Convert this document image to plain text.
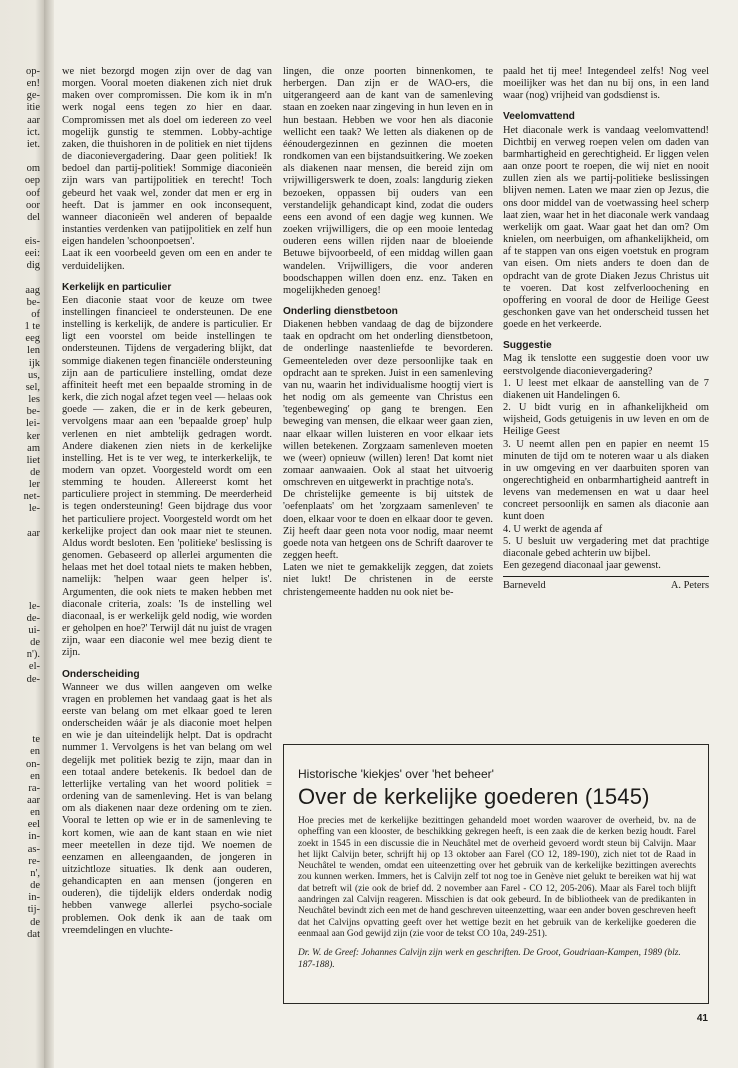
op-
en!
ge-
itie
aar
ict.
iet.
om
oep
oof
oor
del
eis-
eei:
dig
aag
be-
of
1 te
eeg
len
ijk
us,
sel,
les
be-
lei-
ker
am
liet
de
ler
net-
le-
aar
le-
de-
ui-
de
n').
el-
de-
te
en
on-
en
ra-
aar
en
eel
in-
as-
re-
n',
de
in-
tij-
de
dat

we niet bezorgd mogen zijn over de dag van morgen. Vooral moeten diakenen zich niet druk maken over compromissen. Die kom ik in m'n werk nogal eens tegen zo hier en daar. Compromissen met als doel om iedereen zo veel mogelijk gunstig te stemmen. Lobby-achtige zaken, die thuishoren in de politiek en niet tijdens de diaconievergadering. Daar geen politiek! Ik bedoel dan partij-politiek! Sommige diaconieën zijn wars van partijpolitiek en terecht! Toch gebeurd het vaak wel, zonder dat men er erg in heeft. Dat is jammer en ook inconsequent, wanneer diaconieën wel anderen of bepaalde instanties verdenken van patijpolitiek en zelf hun eigen handelen 'schoonpoetsen'.

Laat ik een voorbeeld geven om een en ander te verduidelijken.

Kerkelijk en particulier

Een diaconie staat voor de keuze om twee instellingen financieel te ondersteunen. De ene instelling is kerkelijk, de andere is particulier. Er ligt een voorstel om beide instellingen te ondersteunen. Tijdens de vergadering blijkt, dat sommige diakenen tegen financiële ondersteuning zijn aan de particuliere instelling, omdat deze affiniteit heeft met een bepaalde stroming in de kerk, die zich nogal afzet tegen veel — helaas ook goede — zaken, die er in de kerk gebeuren, vervolgens maar aan een 'bepaalde groep' hulp verlenen en niet ambtelijk gedragen wordt. Andere diakenen zien niets in de kerkelijke instelling. Het is te ver weg, te interkerkelijk, te modern van opzet. Voorgesteld wordt om een stemming te houden. Allereerst komt het particuliere project in stemming. De meerderheid is tegen ondersteuning! Geen bijdrage dus voor het particuliere project. Voorgesteld wordt om het kerkelijke project dan ook maar niet te steunen. Aldus wordt besloten. Een 'politieke' beslissing is genomen. Gebaseerd op allerlei argumenten die helaas met het doel totaal niets te maken hebben, namelijk: 'helpen waar geen helper is'. Argumenten, die ook niets te maken hebben met diaconale criteria, zoals: 'Is de instelling wel diaconaal, is er werkelijk geld nodig, wie worden er geholpen en hoe?' Terwijl dát nu juist de vragen zijn, waar een diaconie wel mee bezig dient te zijn.

Onderscheiding

Wanneer we dus willen aangeven om welke vragen en problemen het vandaag gaat is het als eerste van belang om met elkaar goed te leren onderscheiden wáár je als diaconie moet helpen en wie je dan uiteindelijk helpt. Dat is opdracht nummer 1. Vervolgens is het van belang om wel degelijk met politiek bezig te zijn, maar dan in een totaal andere betekenis. Ik bedoel dan de letterlijke vertaling van het woord politiek = ordening van de samenleving. Het is van belang om als diakenen naar deze ordening om te zien. Vooral te letten op wie er in de samenleving te kort komen, wie aan de kant staan en wie niet meer meetellen in deze tijd. We noemen de eenzamen en alleengaanden, de jongeren in uitzichtloze situaties. Ik denk aan ouderen, gehandicapten en aan mensen (jongeren en ouderen), die tijdelijk elders onderdak nodig hebben vanwege allerlei psycho-sociale problemen. Ook denk ik aan de taak om vreemdelingen en vluchte-

lingen, die onze poorten binnenkomen, te herbergen. Dan zijn er de WAO-ers, die uitgerangeerd aan de kant van de samenleving staan en zoeken naar zingeving in hun leven en in hun bestaan. Hebben we voor hen als diaconie wellicht een taak? We letten als diakenen op de éénoudergezinnen en gezinnen die moeten rondkomen van een bijstandsuitkering. We zoeken als diakenen naar mensen, die bereid zijn om vrijwilligerswerk te doen, zoals: langdurig zieken bezoeken, oppassen bij ouders van een verstandelijk gehandicapt kind, zodat die ouders eens een avond of een dagje weg kunnen. We zoeken vrijwilligers, die op een mooie lentedag ouderen eens willen rijden naar de bloeiende Betuwe bijvoorbeeld, of een middag willen gaan wandelen. Vrijwilligers, die voor anderen boodschappen willen doen enz. enz. Taken en mogelijkheden genoeg!

Onderling dienstbetoon

Diakenen hebben vandaag de dag de bijzondere taak en opdracht om het onderling dienstbetoon, de onderlinge naastenliefde te bevorderen. Gemeenteleden over deze persoonlijke taak en opdracht aan te spreken. Juist in een samenleving van nu, waarin het individualisme hoogtij viert is het nodig om als gemeente van Christus een 'tegenbeweging' op gang te brengen. Een beweging van mensen, die elkaar weer gaan zien, naar elkaar willen luisteren en voor elkaar iets willen betekenen. Zorgzaam samenleven moeten we (weer) opnieuw (willen) leren! Dat komt niet zomaar aanwaaien. Ook al staat het uitvoerig omschreven en uitgewerkt in prachtige nota's.

De christelijke gemeente is bij uitstek de 'oefenplaats' om het 'zorgzaam samenleven' te doen, elkaar voor te doen en elkaar door te geven. Zij heeft daar geen nota voor nodig, maar neemt goede nota van hetgeen ons de Schrift daarover te zeggen heeft.

Laten we niet te gemakkelijk zeggen, dat zoiets niet lukt! De christenen in de eerste christengemeente hadden nu ook niet be-

paald het tij mee! Integendeel zelfs! Nog veel moeilijker was het dan nu bij ons, in een land waar (nog) vrijheid van godsdienst is.

Veelomvattend

Het diaconale werk is vandaag veelomvattend! Dichtbij en verweg roepen velen om daden van barmhartigheid en gerechtigheid. Er liggen velen aan onze poort te roepen, die wij niet en nooit zullen zien als we partij-politieke beslissingen blijven nemen. Laten we maar zien op Jezus, die ons door middel van de voetwassing heel scherp laat zien, waar het in het diaconale werk vandaag werkelijk om gaat. Waar gaat het dan om? Om knielen, om neerbuigen, om afhankelijkheid, om af te stappen van ons eigen voetstuk en program van eisen. Om niets anders te doen dan de opdracht van de grote Diaken Jezus Christus uit te voeren. Dat kost zelfverloochening en opoffering en vooral de door de Heilige Geest geschonken gave van het onderscheid tussen het goede en het verkeerde.

Suggestie

Mag ik tenslotte een suggestie doen voor uw eerstvolgende diaconievergadering?

1. U leest met elkaar de aanstelling van de 7 diakenen uit Handelingen 6.

2. U bidt vurig en in afhankelijkheid om wijsheid, Gods getuigenis in uw leven en om de Heilige Geest

3. U neemt allen pen en papier en neemt 15 minuten de tijd om te noteren waar u als diaken in uw omgeving en ver daarbuiten sporen van ongerechtigheid en onbarmhartigheid aantreft in levens van medemensen en wat u daar heel concreet persoonlijk en samen als diaconie aan kunt doen

4. U werkt de agenda af

5. U besluit uw vergadering met dat prachtige diaconale gebed achterin uw bijbel.

Een gezegend diaconaal jaar gewenst.

Barneveld	A. Peters

Historische 'kiekjes' over 'het beheer'

Over de kerkelijke goederen (1545)

Hoe precies met de kerkelijke bezittingen gehandeld moet worden waarover de overheid, bv. na de opheffing van een klooster, de beschikking gekregen heeft, is een zaak die de kerken bezig houdt. Farel zoekt in 1545 in een discussie die in Neuchâtel met de overheid gevoerd wordt steun bij Calvijn. Maar het lijkt Calvijn beter, schrijft hij op 13 oktober aan Farel (CO 12, 189-190), zich niet tot de Raad in Neuchâtel te wenden, omdat een uiteenzetting over het gebruik van de kerkelijke bezittingen averechts zou kunnen werken. Immers, het is Calvijn zelf tot nog toe in Genève niet gelukt te bereiken wat hij wat dat betreft wil (zie ook de brief dd. 2 november aan Farel - CO 12, 205-206). Maar als Farel toch blijft aandringen zal Calvijn reageren. Misschien is dat ook gebeurd. In de bibliotheek van de predikanten in Neuchâtel bevindt zich een met de hand geschreven uiteenzetting, waar een ander boven geschreven heeft dat het Calvijns opvatting geeft over het wettige bezit en het gebruik van de kerkelijke goederen die eenmaal aan God gewijd zijn (zie voor de tekst CO 10a, 249-251).

Dr. W. de Greef: Johannes Calvijn zijn werk en geschriften. De Groot, Goudriaan-Kampen, 1989 (blz. 187-188).

41
